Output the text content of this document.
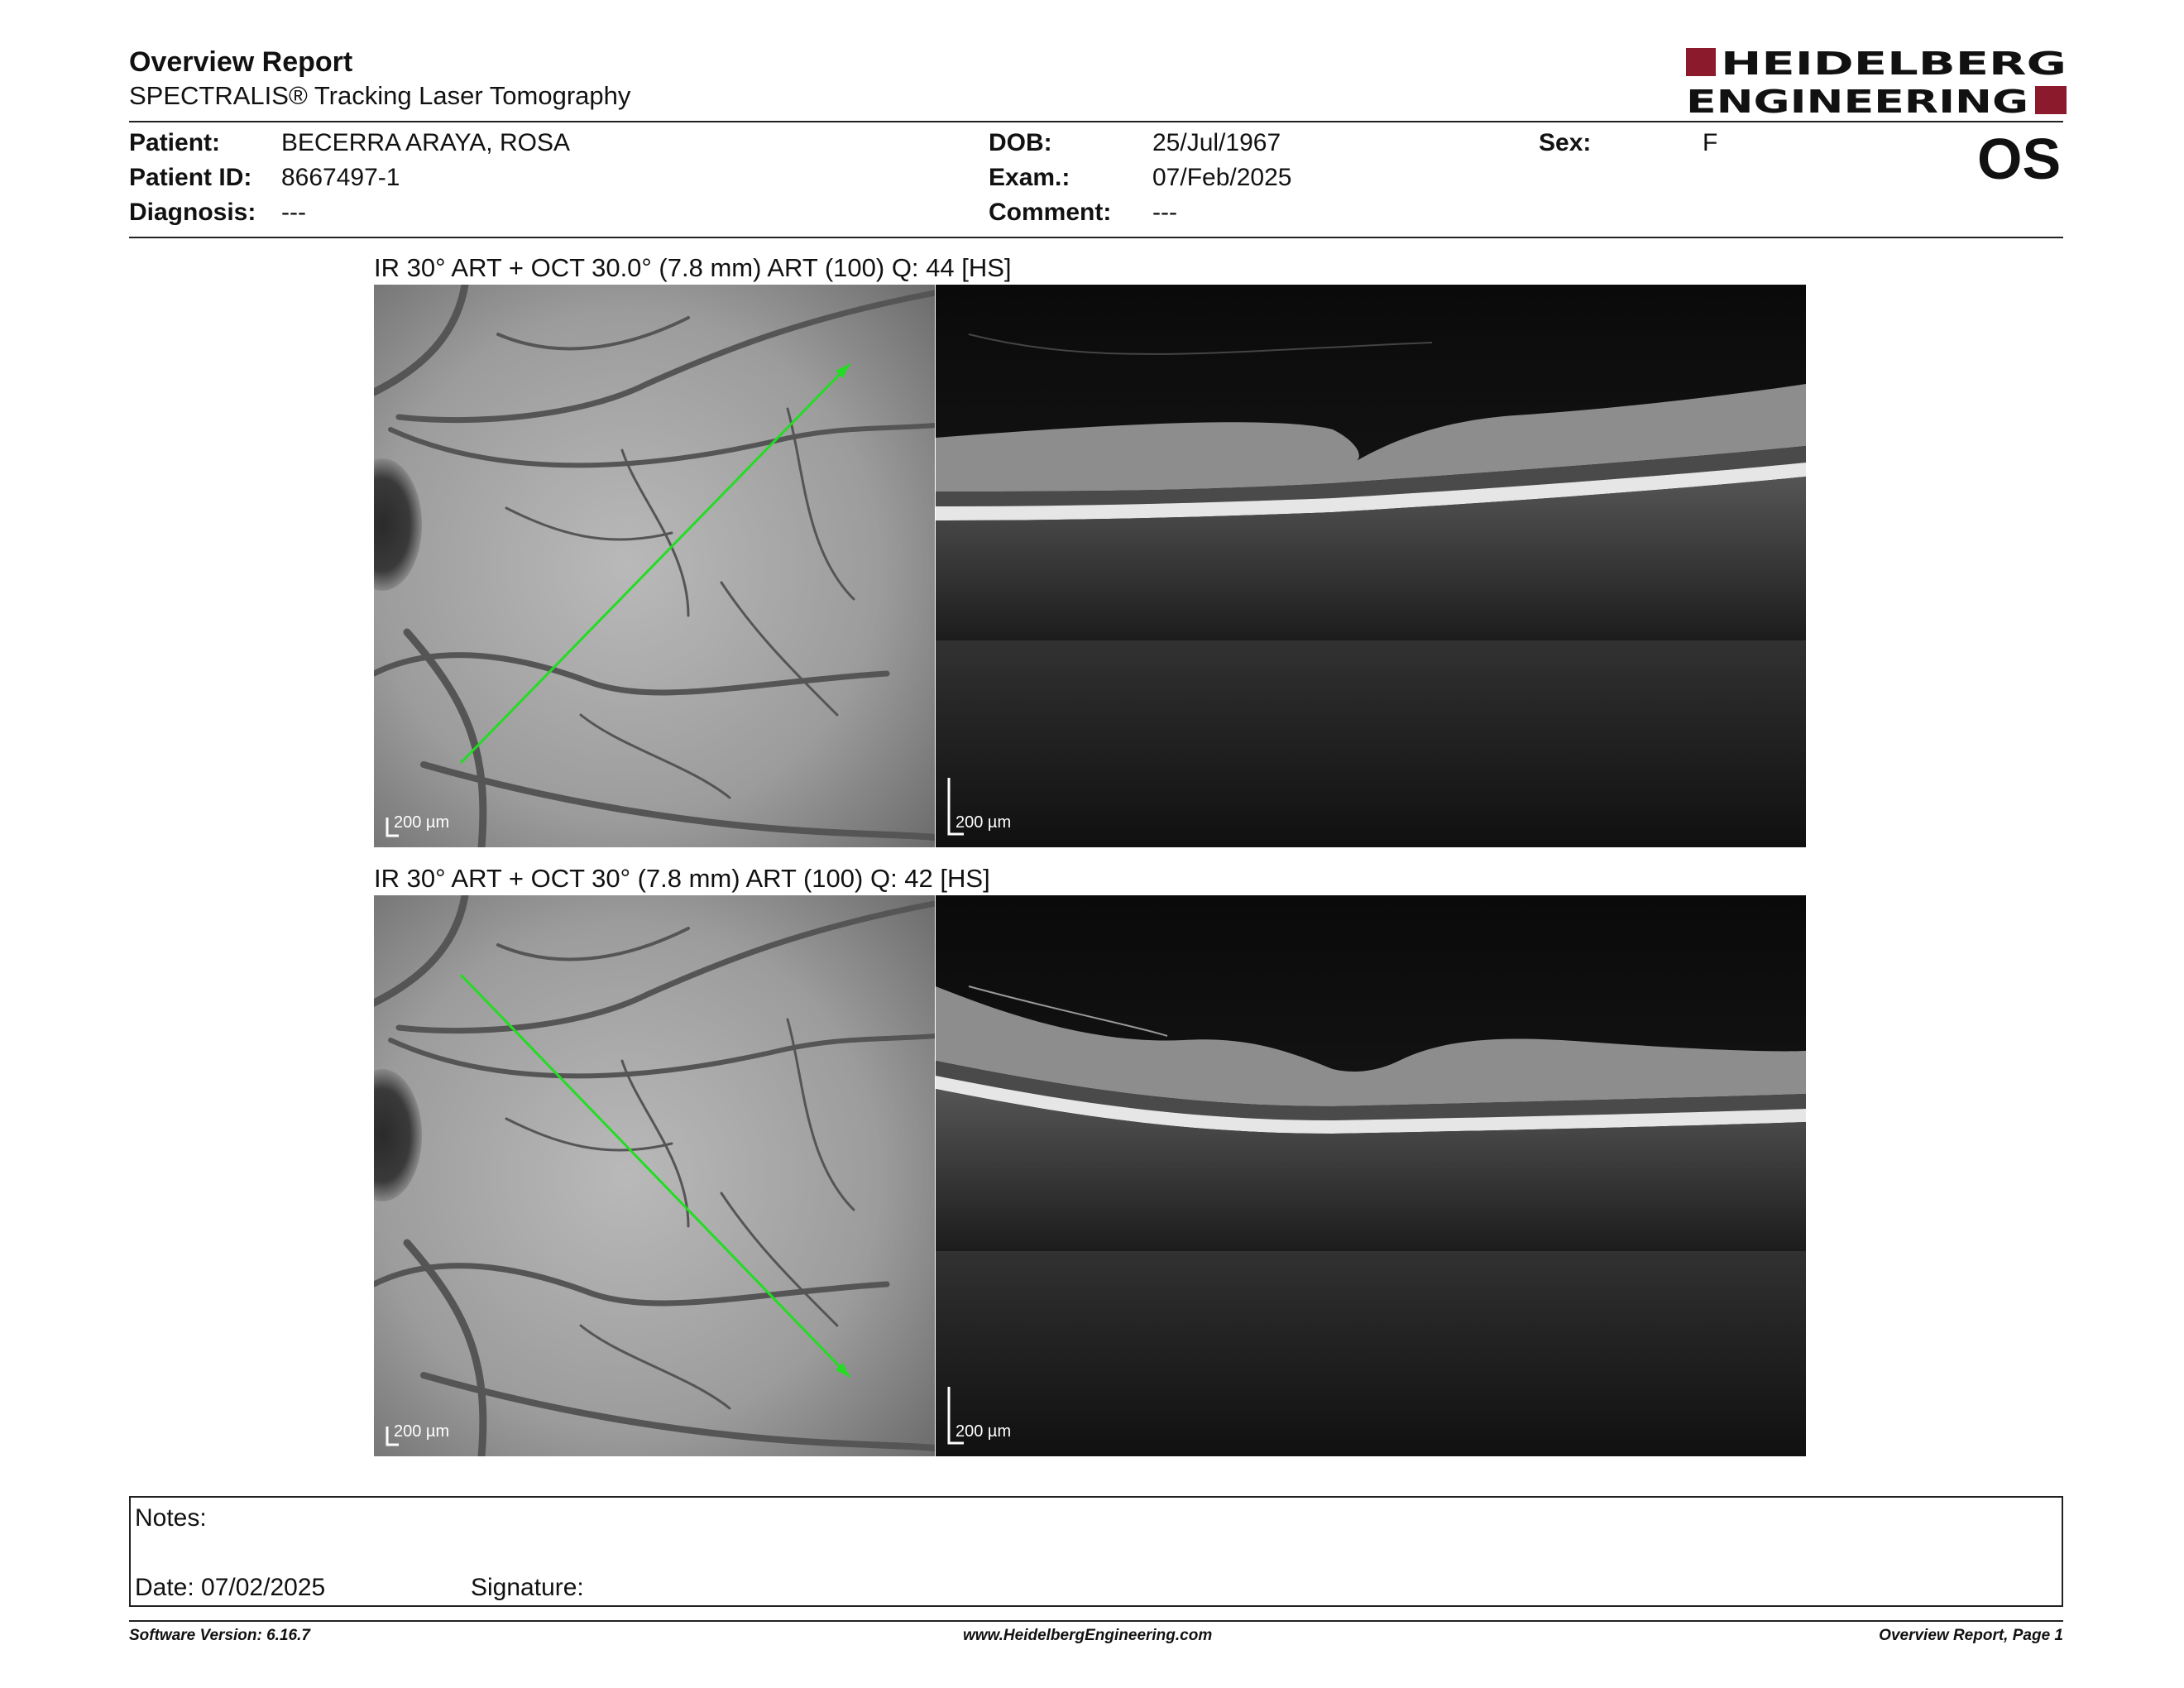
Overview Report
SPECTRALIS® Tracking Laser Tomography
HEIDELBERG
ENGINEERING
Patient: BECERRA ARAYA, ROSA
Patient ID: 8667497-1
Diagnosis: ---
DOB:	25/Jul/1967
Exam.:	07/Feb/2025
Comment: ---
Sex:	F	OS
IR 30° ART + OCT 30.0° (7.8 mm) ART (100) Q: 44 [HS]
200 µm	200 µm
IR 30° ART + OCT 30° (7.8 mm) ART (100) Q: 42 [HS]
200 µm	200 µm
Notes:
Date: 07/02/2025	Signature:
Software Version: 6.16.7	www.HeidelbergEngineering.com	Overview Report, Page 1
